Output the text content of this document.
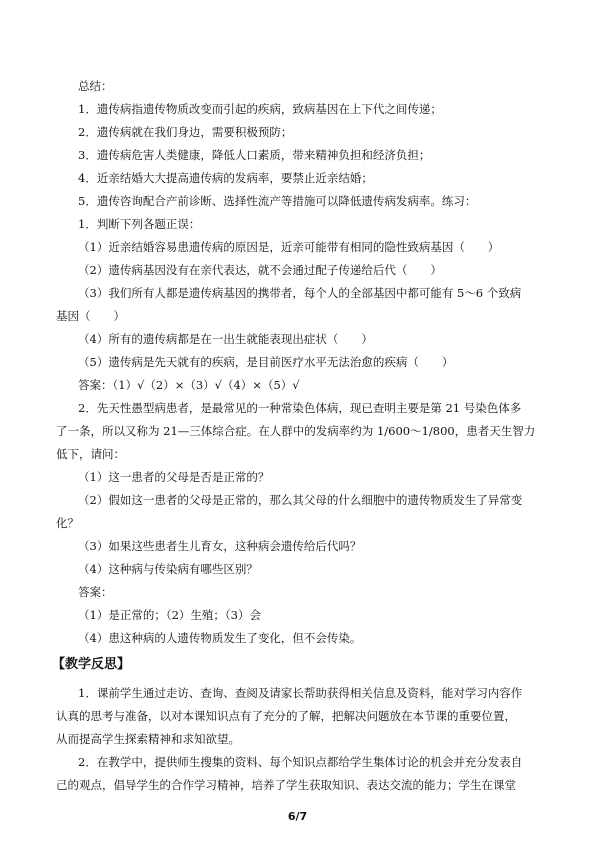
总结：
1．遗传病指遗传物质改变而引起的疾病，致病基因在上下代之间传递；
2．遗传病就在我们身边，需要积极预防；
3．遗传病危害人类健康，降低人口素质，带来精神负担和经济负担；
4．近亲结婚大大提高遗传病的发病率，要禁止近亲结婚；
5．遗传咨询配合产前诊断、选择性流产等措施可以降低遗传病发病率。练习：
1．判断下列各题正误：
（1）近亲结婚容易患遗传病的原因是，近亲可能带有相同的隐性致病基因（　　）
（2）遗传病基因没有在亲代表达，就不会通过配子传递给后代（　　）
（3）我们所有人都是遗传病基因的携带者，每个人的全部基因中都可能有 5～6 个致病
基因（　　）
（4）所有的遗传病都是在一出生就能表现出症状（　　）
（5）遗传病是先天就有的疾病，是目前医疗水平无法治愈的疾病（　　）
答案：（1）√（2）×（3）√（4）×（5）√
2．先天性愚型病患者，是最常见的一种常染色体病，现已查明主要是第 21 号染色体多
了一条，所以又称为 21—三体综合症。在人群中的发病率约为 1/600～1/800，患者天生智力
低下，请问：
（1）这一患者的父母是否是正常的？
（2）假如这一患者的父母是正常的，那么其父母的什么细胞中的遗传物质发生了异常变
化？
（3）如果这些患者生儿育女，这种病会遗传给后代吗？
（4）这种病与传染病有哪些区别？
答案：
（1）是正常的；（2）生殖；（3）会
（4）患这种病的人遗传物质发生了变化，但不会传染。
【教学反思】
1．课前学生通过走访、查询、查阅及请家长帮助获得相关信息及资料，能对学习内容作
认真的思考与准备，以对本课知识点有了充分的了解，把解决问题放在本节课的重要位置，
从而提高学生探索精神和求知欲望。
2．在教学中，提供师生搜集的资料、每个知识点都给学生集体讨论的机会并充分发表自
己的观点，倡导学生的合作学习精神，培养了学生获取知识、表达交流的能力；学生在课堂
6/7
